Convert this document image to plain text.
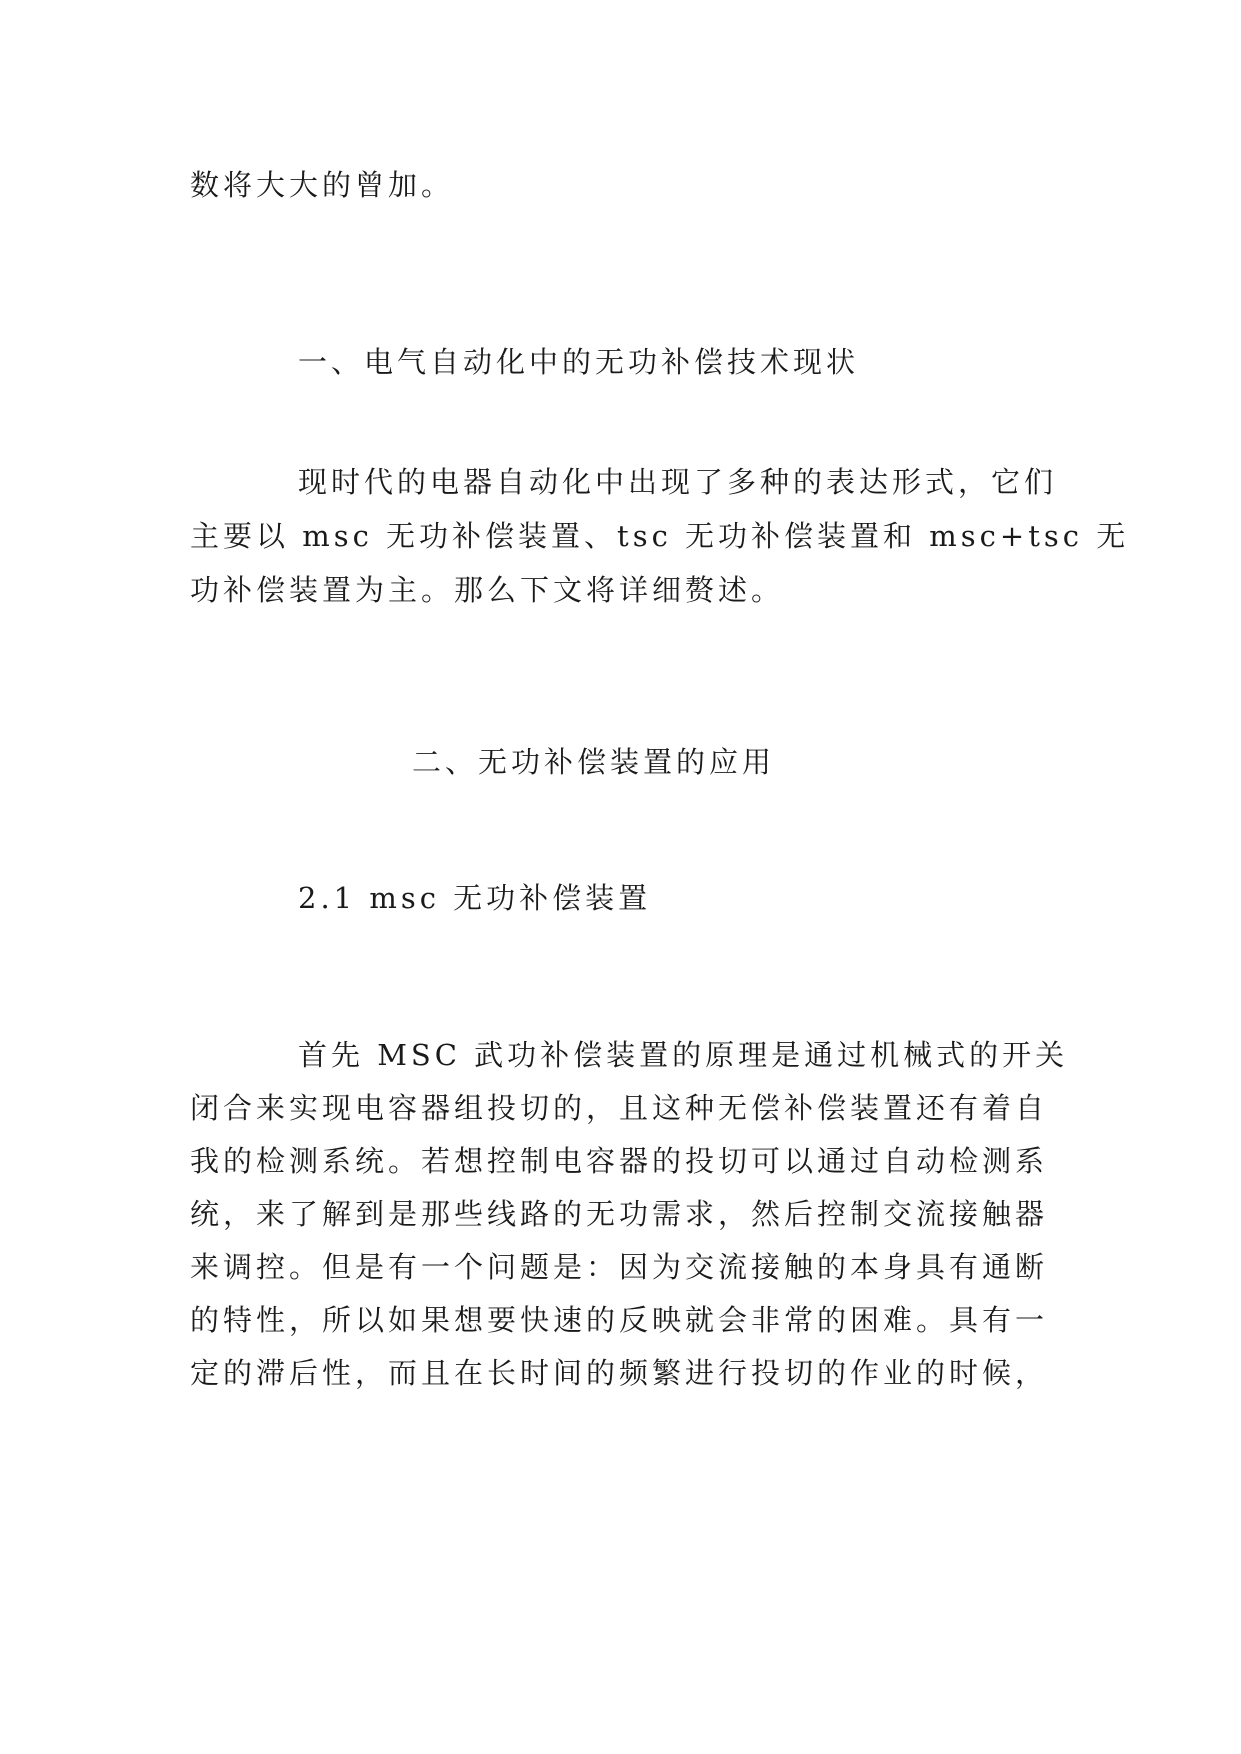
数将大大的曾加。
一、电气自动化中的无功补偿技术现状
现时代的电器自动化中出现了多种的表达形式，它们
主要以 msc 无功补偿装置、tsc 无功补偿装置和 msc+tsc 无
功补偿装置为主。那么下文将详细赘述。
二、无功补偿装置的应用
2.1 msc 无功补偿装置
首先 MSC 武功补偿装置的原理是通过机械式的开关
闭合来实现电容器组投切的，且这种无偿补偿装置还有着自
我的检测系统。若想控制电容器的投切可以通过自动检测系
统，来了解到是那些线路的无功需求，然后控制交流接触器
来调控。但是有一个问题是：因为交流接触的本身具有通断
的特性，所以如果想要快速的反映就会非常的困难。具有一
定的滞后性，而且在长时间的频繁进行投切的作业的时候，
